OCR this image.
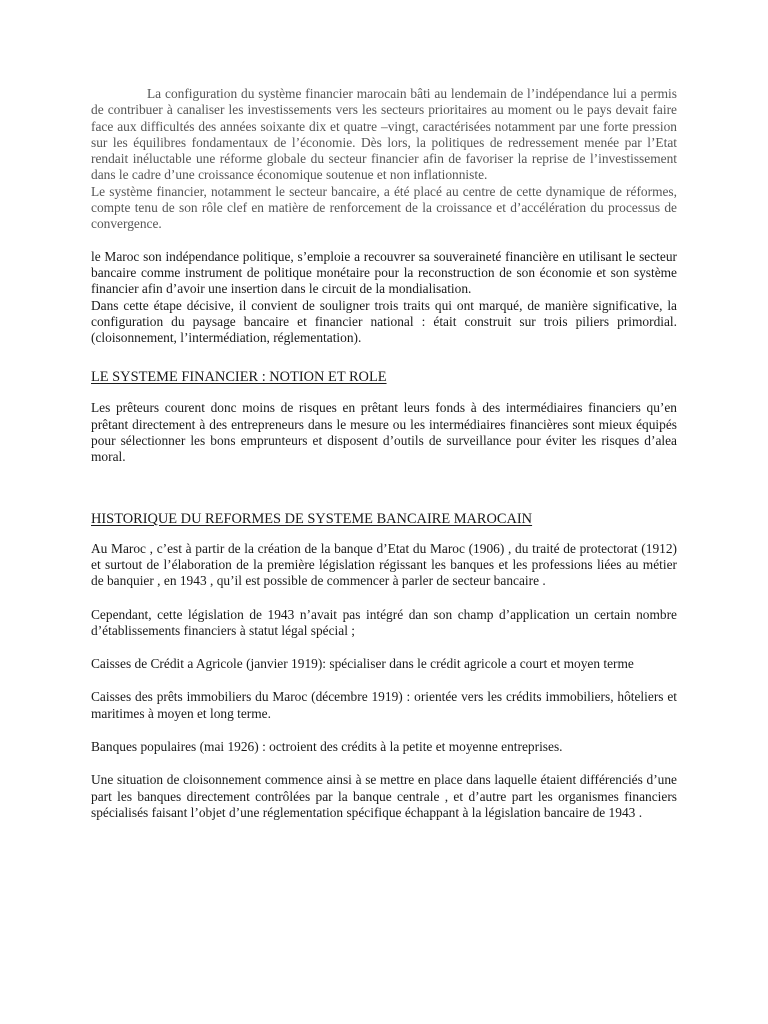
La configuration du système financier marocain bâti au lendemain de l’indépendance lui a permis de contribuer à canaliser les investissements vers les secteurs prioritaires au moment ou le pays devait faire face aux difficultés des années soixante dix et quatre –vingt, caractérisées notamment par une forte pression sur les équilibres fondamentaux de l’économie. Dès lors, la politiques de redressement menée par l’Etat rendait inéluctable une réforme globale du secteur financier afin de favoriser la reprise de l’investissement dans le cadre d’une croissance économique soutenue et non inflationniste.

Le système financier, notamment le secteur bancaire, a été placé au centre de cette dynamique de réformes, compte tenu de son rôle clef en matière de renforcement de la croissance et d’accélération du processus de convergence.

le Maroc son indépendance politique, s’emploie a recouvrer sa souveraineté financière en utilisant le secteur bancaire comme instrument de politique monétaire pour la reconstruction de son économie et son système financier afin d’avoir une insertion dans le circuit de la mondialisation.

Dans cette étape décisive, il convient de souligner trois traits qui ont marqué, de manière significative, la configuration du paysage bancaire et financier national : était construit sur trois piliers primordial.(cloisonnement, l’intermédiation, réglementation).

LE SYSTEME FINANCIER : NOTION ET ROLE

Les prêteurs courent donc moins de risques en prêtant leurs fonds à des intermédiaires financiers qu’en prêtant directement à des entrepreneurs dans le mesure ou les intermédiaires financières sont mieux équipés pour sélectionner les bons emprunteurs et disposent d’outils de surveillance pour éviter les risques d’alea moral.

HISTORIQUE DU REFORMES DE SYSTEME BANCAIRE MAROCAIN

Au Maroc , c’est à partir de la création de la banque d’Etat du Maroc (1906) , du traité de protectorat (1912) et surtout de l’élaboration de la première législation régissant les banques et les professions liées au métier de banquier , en 1943 , qu’il est possible de commencer à parler de secteur bancaire .

Cependant, cette législation de 1943 n’avait pas intégré dan son champ d’application un certain nombre d’établissements financiers à statut légal spécial ;

Caisses de Crédit a Agricole (janvier 1919): spécialiser dans le crédit agricole a court et moyen terme

Caisses des prêts immobiliers du Maroc (décembre 1919) : orientée vers les crédits immobiliers, hôteliers et maritimes à moyen et long terme.

Banques populaires (mai 1926) : octroient des crédits à la petite et moyenne entreprises.

Une situation de cloisonnement commence ainsi à se mettre en place dans laquelle étaient différenciés d’une part les banques directement contrôlées par la banque centrale , et d’autre part les organismes financiers spécialisés faisant l’objet d’une réglementation spécifique échappant à la législation bancaire de 1943 .
